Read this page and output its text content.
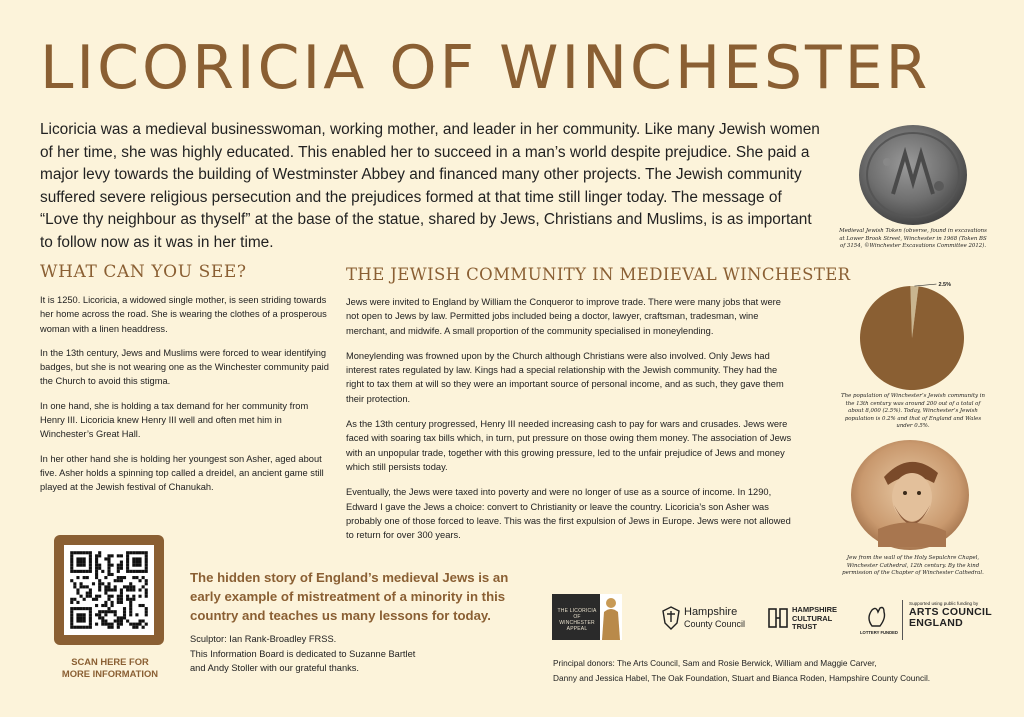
LICORICIA OF WINCHESTER

Licoricia was a medieval businesswoman, working mother, and leader in her community. Like many Jewish women of her time, she was highly educated. This enabled her to succeed in a man’s world despite prejudice. She paid a major levy towards the building of Westminster Abbey and financed many other projects. The Jewish community suffered severe religious persecution and the prejudices formed at that time still linger today. The message of “Love thy neighbour as thyself” at the base of the statue, shared by Jews, Christians and Muslims, is as important to follow now as it was in her time.

WHAT CAN YOU SEE?

It is 1250. Licoricia, a widowed single mother, is seen striding towards her home across the road. She is wearing the clothes of a prosperous woman with a linen headdress.

In the 13th century, Jews and Muslims were forced to wear identifying badges, but she is not wearing one as the Winchester community paid the Church to avoid this stigma.

In one hand, she is holding a tax demand for her community from Henry III. Licoricia knew Henry III well and often met him in Winchester’s Great Hall.

In her other hand she is holding her youngest son Asher, aged about five. Asher holds a spinning top called a dreidel, an ancient game still played at the Jewish festival of Chanukah.

THE JEWISH COMMUNITY IN MEDIEVAL WINCHESTER

Jews were invited to England by William the Conqueror to improve trade. There were many jobs that were not open to Jews by law. Permitted jobs included being a doctor, lawyer, craftsman, tradesman, wine merchant, and midwife. A small proportion of the community specialised in moneylending.

Moneylending was frowned upon by the Church although Christians were also involved. Only Jews had interest rates regulated by law. Kings had a special relationship with the Jewish community. They had the right to tax them at will so they were an important source of personal income, and as such, they gave them their protection.

As the 13th century progressed, Henry III needed increasing cash to pay for wars and crusades. Jews were faced with soaring tax bills which, in turn, put pressure on those owing them money. The association of Jews with an unpopular trade, together with this growing pressure, led to the unfair prejudice of Jews and money which still persists today.

Eventually, the Jews were taxed into poverty and were no longer of use as a source of income. In 1290, Edward I gave the Jews a choice: convert to Christianity or leave the country. Licoricia’s son Asher was probably one of those forced to leave. This was the first expulsion of Jews in Europe. Jews were not allowed to return for over 300 years.

Medieval Jewish Token (obverse, found in excavations at Lower Brook Street, Winchester in 1968 (Token BS of 3154, ©Winchester Excavations Committee 2012).
2.5%
The population of Winchester’s Jewish community in the 13th century was around 200 out of a total of about 8,000 (2.5%). Today, Winchester’s Jewish population is 0.2% and that of England and Wales under 0.5%.
Jew from the wall of the Holy Sepulchre Chapel, Winchester Cathedral, 12th century. By the kind permission of the Chapter of Winchester Cathedral.
SCAN HERE FOR
MORE INFORMATION

The hidden story of England’s medieval Jews is an early example of mistreatment of a minority in this country and teaches us many lessons for today.

Sculptor: Ian Rank-Broadley FRSS.
This Information Board is dedicated to Suzanne Bartlet
and Andy Stoller with our grateful thanks.
THE LICORICIA OF WINCHESTER APPEAL
Hampshire
County Council
HAMPSHIRE
CULTURAL
TRUST
LOTTERY FUNDED
Supported using public funding by
ARTS COUNCIL
ENGLAND
Principal donors: The Arts Council, Sam and Rosie Berwick, William and Maggie Carver,
Danny and Jessica Habel, The Oak Foundation, Stuart and Bianca Roden, Hampshire County Council.
